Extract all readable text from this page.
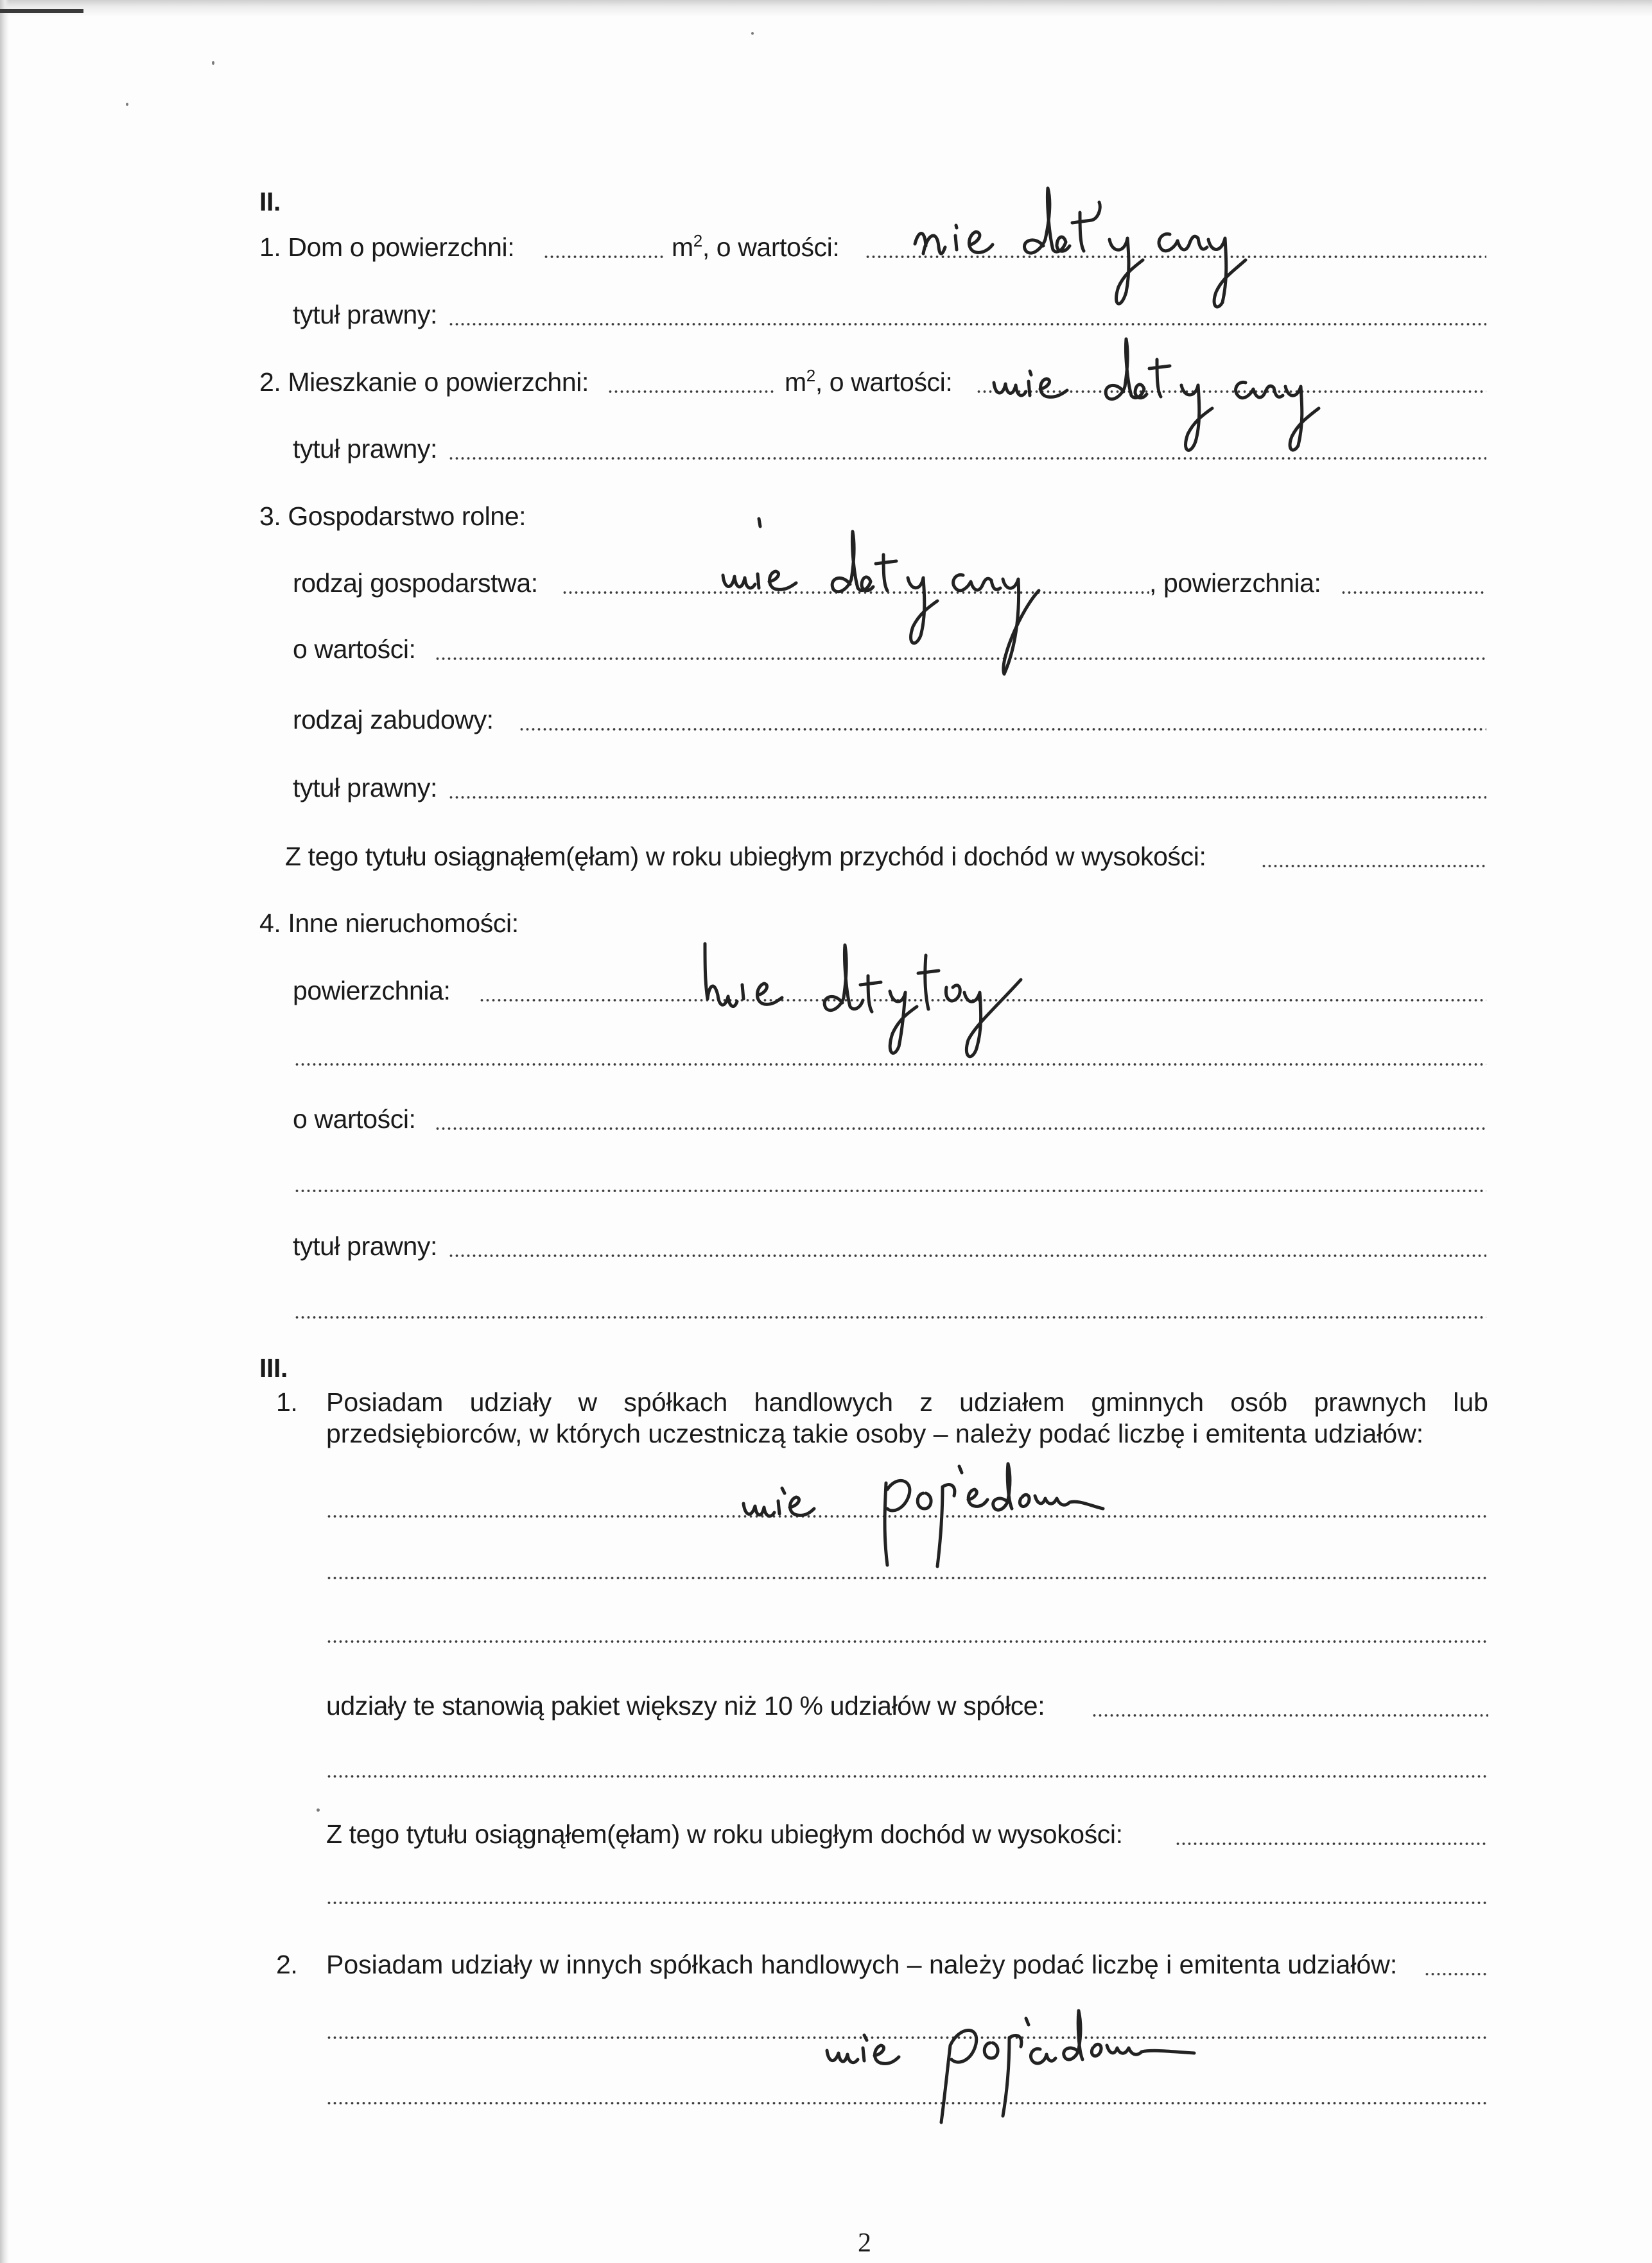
II.
1. Dom o powierzchni:	$m^2$, o wartości:
tytuł prawny:
2. Mieszkanie o powierzchni:	$m^2$, o wartości:
tytuł prawny:
3. Gospodarstwo rolne:
rodzaj gospodarstwa:	, powierzchnia:
o wartości:
rodzaj zabudowy:
tytuł prawny:
Z tego tytułu osiągnąłem(ęłam) w roku ubiegłym przychód i dochód w wysokości:
4. Inne nieruchomości:
powierzchnia:
o wartości:
tytuł prawny:
III.
1. Posiadam udziały w spółkach handlowych z udziałem gminnych osób prawnych lub przedsiębiorców, w których uczestniczą takie osoby – należy podać liczbę i emitenta udziałów:
udziały te stanowią pakiet większy niż 10 % udziałów w spółce:
Z tego tytułu osiągnąłem(ęłam) w roku ubiegłym dochód w wysokości:
2. Posiadam udziały w innych spółkach handlowych – należy podać liczbę i emitenta udziałów:
2
